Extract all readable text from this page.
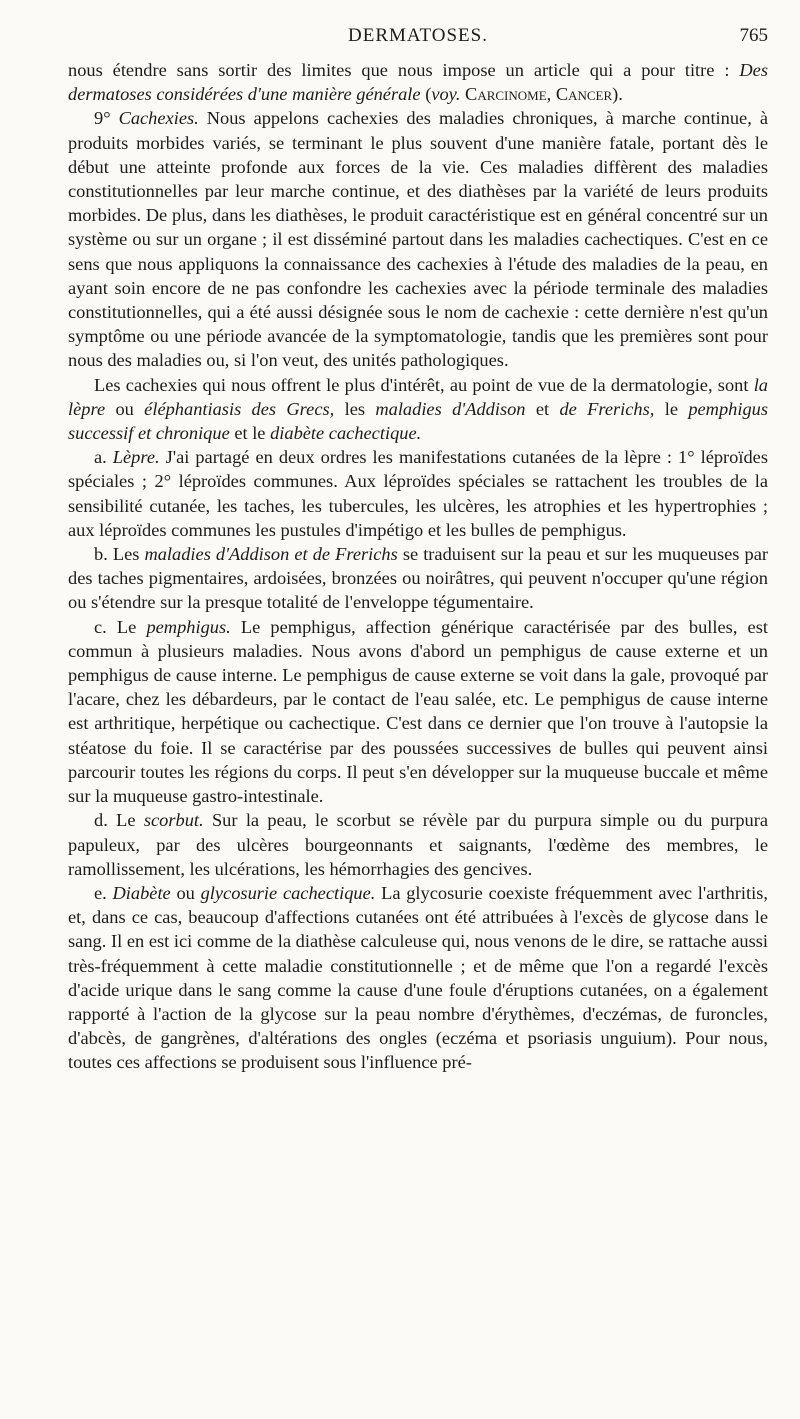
DERMATOSES.	765

nous étendre sans sortir des limites que nous impose un article qui a pour titre : Des dermatoses considérées d'une manière générale (voy. Carcinome, Cancer).

9° Cachexies. Nous appelons cachexies des maladies chroniques, à marche continue, à produits morbides variés, se terminant le plus souvent d'une manière fatale, portant dès le début une atteinte profonde aux forces de la vie. Ces maladies diffèrent des maladies constitutionnelles par leur marche continue, et des diathèses par la variété de leurs produits morbides. De plus, dans les diathèses, le produit caractéristique est en général concentré sur un système ou sur un organe ; il est disséminé partout dans les maladies cachectiques. C'est en ce sens que nous appliquons la connaissance des cachexies à l'étude des maladies de la peau, en ayant soin encore de ne pas confondre les cachexies avec la période terminale des maladies constitutionnelles, qui a été aussi désignée sous le nom de cachexie : cette dernière n'est qu'un symptôme ou une période avancée de la symptomatologie, tandis que les premières sont pour nous des maladies ou, si l'on veut, des unités pathologiques.

Les cachexies qui nous offrent le plus d'intérêt, au point de vue de la dermatologie, sont la lèpre ou éléphantiasis des Grecs, les maladies d'Addison et de Frerichs, le pemphigus successif et chronique et le diabète cachectique.

a. Lèpre. J'ai partagé en deux ordres les manifestations cutanées de la lèpre : 1° léproïdes spéciales ; 2° léproïdes communes. Aux léproïdes spéciales se rattachent les troubles de la sensibilité cutanée, les taches, les tubercules, les ulcères, les atrophies et les hypertrophies ; aux léproïdes communes les pustules d'impétigo et les bulles de pemphigus.

b. Les maladies d'Addison et de Frerichs se traduisent sur la peau et sur les muqueuses par des taches pigmentaires, ardoisées, bronzées ou noirâtres, qui peuvent n'occuper qu'une région ou s'étendre sur la presque totalité de l'enveloppe tégumentaire.

c. Le pemphigus. Le pemphigus, affection générique caractérisée par des bulles, est commun à plusieurs maladies. Nous avons d'abord un pemphigus de cause externe et un pemphigus de cause interne. Le pemphigus de cause externe se voit dans la gale, provoqué par l'acare, chez les débardeurs, par le contact de l'eau salée, etc. Le pemphigus de cause interne est arthritique, herpétique ou cachectique. C'est dans ce dernier que l'on trouve à l'autopsie la stéatose du foie. Il se caractérise par des poussées successives de bulles qui peuvent ainsi parcourir toutes les régions du corps. Il peut s'en développer sur la muqueuse buccale et même sur la muqueuse gastro-intestinale.

d. Le scorbut. Sur la peau, le scorbut se révèle par du purpura simple ou du purpura papuleux, par des ulcères bourgeonnants et saignants, l'œdème des membres, le ramollissement, les ulcérations, les hémorrhagies des gencives.

e. Diabète ou glycosurie cachectique. La glycosurie coexiste fréquemment avec l'arthritis, et, dans ce cas, beaucoup d'affections cutanées ont été attribuées à l'excès de glycose dans le sang. Il en est ici comme de la diathèse calculeuse qui, nous venons de le dire, se rattache aussi très-fréquemment à cette maladie constitutionnelle ; et de même que l'on a regardé l'excès d'acide urique dans le sang comme la cause d'une foule d'éruptions cutanées, on a également rapporté à l'action de la glycose sur la peau nombre d'érythèmes, d'eczémas, de furoncles, d'abcès, de gangrènes, d'altérations des ongles (eczéma et psoriasis unguium). Pour nous, toutes ces affections se produisent sous l'influence pré-
